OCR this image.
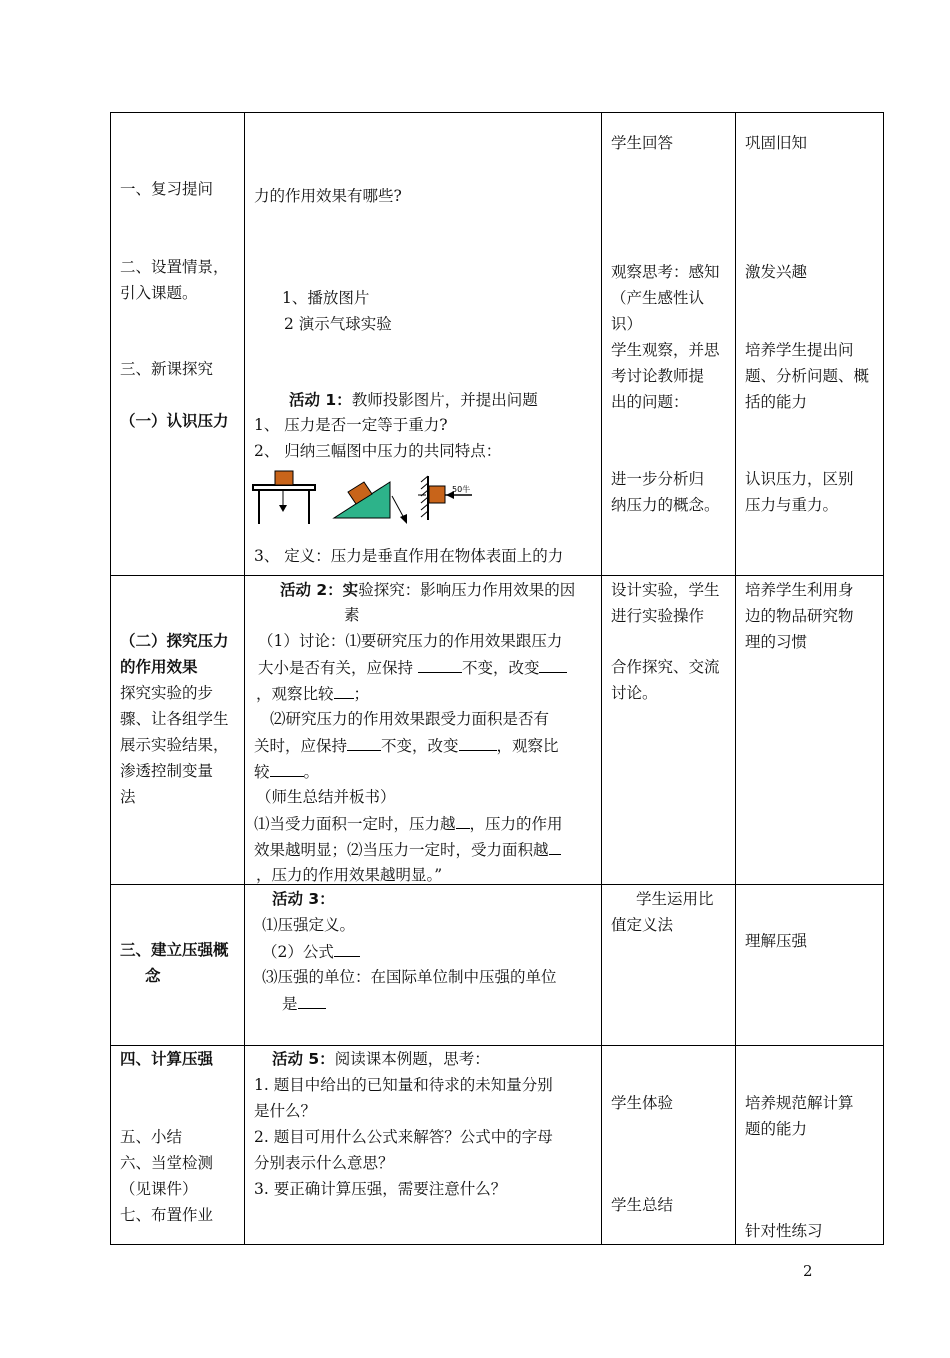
一、复习提问
二、设置情景，
引入课题。
三、新课探究
（一）认识压力
（二）探究压力
的作用效果
探究实验的步
骤、让各组学生
展示实验结果，
渗透控制变量
法
三、建立压强概
念
四、计算压强
五、小结
六、当堂检测
（见课件）
七、布置作业
力的作用效果有哪些?
1、播放图片
2 演示气球实验
活动 1：教师投影图片，并提出问题
1、 压力是否一定等于重力?
2、 归纳三幅图中压力的共同特点：
50牛
3、 定义：压力是垂直作用在物体表面上的力
活动 2：实验探究：影响压力作用效果的因
素
（1）讨论：⑴要研究压力的作用效果跟压力
大小是否有关，应保持	不变，改变
，观察比较 ；
⑵研究压力的作用效果跟受力面积是否有
关时，应保持 不变，改变 ，观察比
较 。
（师生总结并板书）
⑴当受力面积一定时，压力越 ，压力的作用
效果越明显；⑵当压力一定时，受力面积越
，压力的作用效果越明显。”
活动 3：
⑴压强定义。
（2）公式
⑶压强的单位：在国际单位制中压强的单位
是
活动 5：阅读课本例题，思考：
1. 题目中给出的已知量和待求的未知量分别
是什么？
2. 题目可用什么公式来解答？公式中的字母
分别表示什么意思？
3. 要正确计算压强，需要注意什么？
学生回答
观察思考：感知
（产生感性认
识）
学生观察，并思
考讨论教师提
出的问题：
进一步分析归
纳压力的概念。
设计实验，学生
进行实验操作
合作探究、交流
讨论。
学生运用比
值定义法
学生体验
学生总结
巩固旧知
激发兴趣
培养学生提出问
题、分析问题、概
括的能力
认识压力，区别
压力与重力。
培养学生利用身
边的物品研究物
理的习惯
理解压强
培养规范解计算
题的能力
针对性练习
2
